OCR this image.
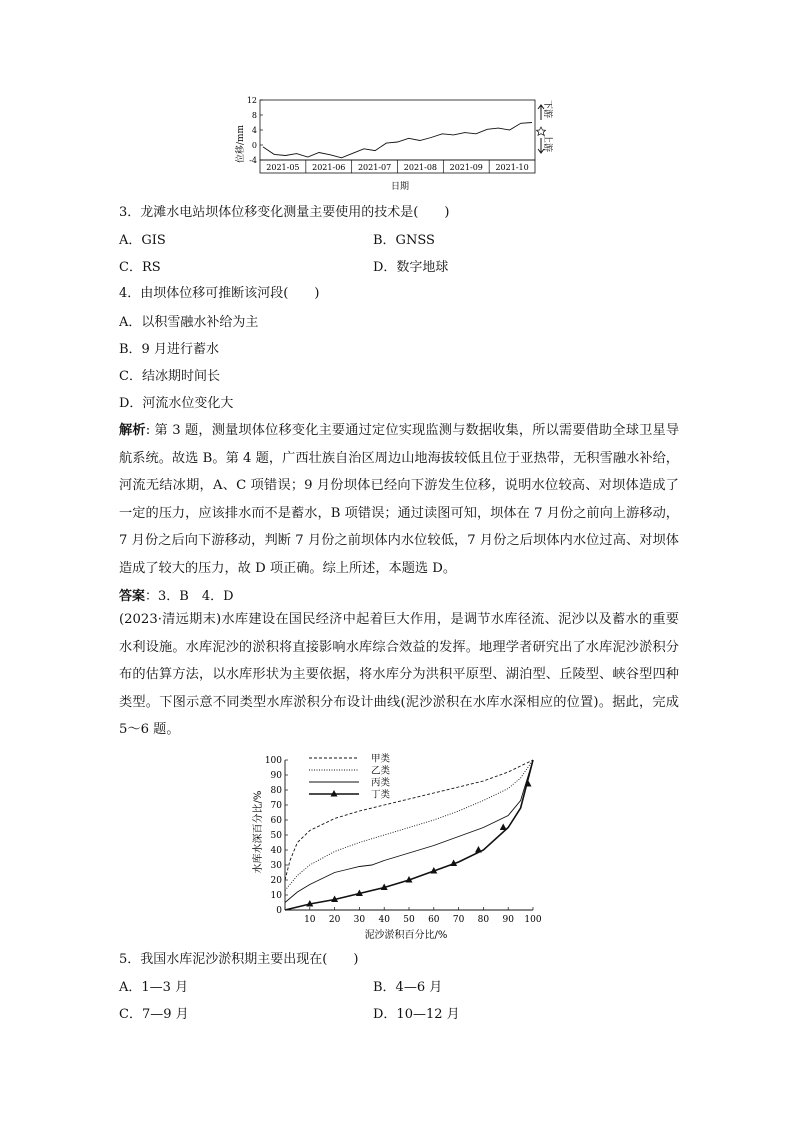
12
8
4
0
-4
2021-05 2021-06 2021-07 2021-08 2021-09 2021-10
位移/mm
日期
下游
上游
3．龙滩水电站坝体位移变化测量主要使用的技术是(　　)
A．GIS	B．GNSS
C．RS	D．数字地球
4．由坝体位移可推断该河段(　　)
A．以积雪融水补给为主
B．9 月进行蓄水
C．结冰期时间长
D．河流水位变化大
解析: 第 3 题，测量坝体位移变化主要通过定位实现监测与数据收集，所以需要借助全球卫星导航系统。故选 B。第 4 题，广西壮族自治区周边山地海拔较低且位于亚热带，无积雪融水补给，河流无结冰期，A、C 项错误；9 月份坝体已经向下游发生位移，说明水位较高、对坝体造成了一定的压力，应该排水而不是蓄水，B 项错误；通过读图可知，坝体在 7 月份之前向上游移动，7 月份之后向下游移动，判断 7 月份之前坝体内水位较低，7 月份之后坝体内水位过高、对坝体造成了较大的压力，故 D 项正确。综上所述，本题选 D。
答案：3．B　4．D
(2023·清远期末)水库建设在国民经济中起着巨大作用，是调节水库径流、泥沙以及蓄水的重要水利设施。水库泥沙的淤积将直接影响水库综合效益的发挥。地理学者研究出了水库泥沙淤积分布的估算方法，以水库形状为主要依据，将水库分为洪积平原型、湖泊型、丘陵型、峡谷型四种类型。下图示意不同类型水库淤积分布设计曲线(泥沙淤积在水库水深相应的位置)。据此，完成 5～6 题。
0
10
20
30
40
50
60
70
80
90
100
10 20 30 40 50 60 70 80 90 100
甲类
乙类
丙类
丁类
泥沙淤积百分比/%
水库水深百分比/%
5．我国水库泥沙淤积期主要出现在(　　)
A．1—3 月	B．4—6 月
C．7—9 月	D．10—12 月
